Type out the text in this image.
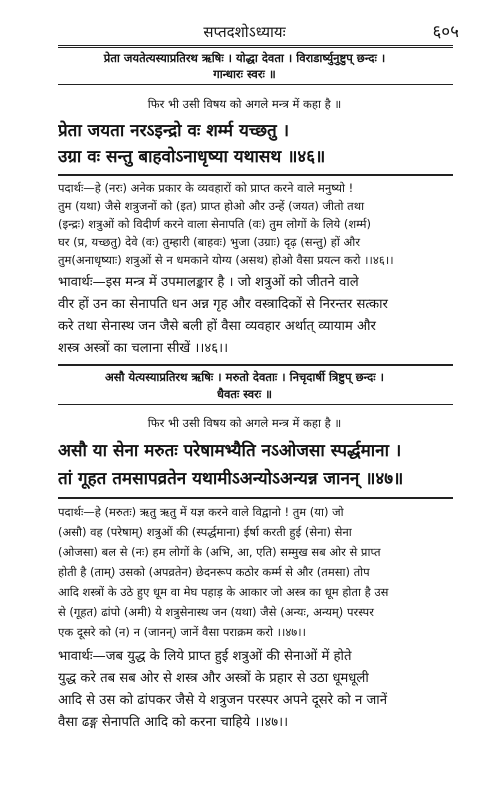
सप्तदशोऽध्यायः	६०५
प्रेता जयतेत्यस्याप्रतिरथ ऋषिः । योद्धा देवता । विराडार्ष्युनुष्टुप् छन्दः ।
गान्धारः स्वरः ॥
फिर भी उसी विषय को अगले मन्त्र में कहा है ॥
प्रेता जयता नरऽइन्द्रो वः शर्म्म यच्छतु ।
उग्रा वः सन्तु बाहवोऽनाधृष्या यथासथ ॥४६॥
पदार्थः—हे (नरः) अनेक प्रकार के व्यवहारों को प्राप्त करने वाले मनुष्यो !
तुम (यथा) जैसे शत्रुजनों को (इत) प्राप्त होओ और उन्हें (जयत) जीतो तथा
(इन्द्रः) शत्रुओं को विदीर्ण करने वाला सेनापति (वः) तुम लोगों के लिये (शर्म्म)
घर (प्र, यच्छतु) देवे (वः) तुम्हारी (बाहवः) भुजा (उग्राः) दृढ़ (सन्तु) हों और
तुम(अनाधृष्याः) शत्रुओं से न धमकाने योग्य (असथ) होओ वैसा प्रयत्न करो ।।४६।।
भावार्थः—इस मन्त्र में उपमालङ्कार है । जो शत्रुओं को जीतने वाले
वीर हों उन का सेनापति धन अन्न गृह और वस्त्रादिकों से निरन्तर सत्कार
करे तथा सेनास्थ जन जैसे बली हों वैसा व्यवहार अर्थात् व्यायाम और
शस्त्र अस्त्रों का चलाना सीखें ।।४६।।
असौ येत्यस्याप्रतिरथ ऋषिः । मरुतो देवताः । निचृदार्षी त्रिष्टुप् छन्दः ।
धैवतः स्वरः ॥
फिर भी उसी विषय को अगले मन्त्र में कहा है ॥
असौ या सेना मरुतः परेषामभ्यैति नऽओजसा स्पर्द्धमाना ।
तां गूहत तमसापव्रतेन यथामीऽअन्योऽअन्यन्न जानन् ॥४७॥
पदार्थः—हे (मरुतः) ऋतु ऋतु में यज्ञ करने वाले विद्वानो ! तुम (या) जो
(असौ) वह (परेषाम्) शत्रुओं की (स्पर्द्धमाना) ईर्षा करती हुई (सेना) सेना
(ओजसा) बल से (नः) हम लोगों के (अभि, आ, एति) सम्मुख सब ओर से प्राप्त
होती है (ताम्) उसको (अपव्रतेन) छेदनरूप कठोर कर्म्म से और (तमसा) तोप
आदि शस्त्रों के उठे हुए धूम वा मेघ पहाड़ के आकार जो अस्त्र का धूम होता है उस
से (गूहत) ढांपो (अमी) ये शत्रुसेनास्थ जन (यथा) जैसे (अन्यः, अन्यम्) परस्पर
एक दूसरे को (न) न (जानन्) जानें वैसा पराक्रम करो ।।४७।।
भावार्थः—जब युद्ध के लिये प्राप्त हुई शत्रुओं की सेनाओं में होते
युद्ध करे तब सब ओर से शस्त्र और अस्त्रों के प्रहार से उठा धूमधूली
आदि से उस को ढांपकर जैसे ये शत्रुजन परस्पर अपने दूसरे को न जानें
वैसा ढङ्ग सेनापति आदि को करना चाहिये ।।४७।।
